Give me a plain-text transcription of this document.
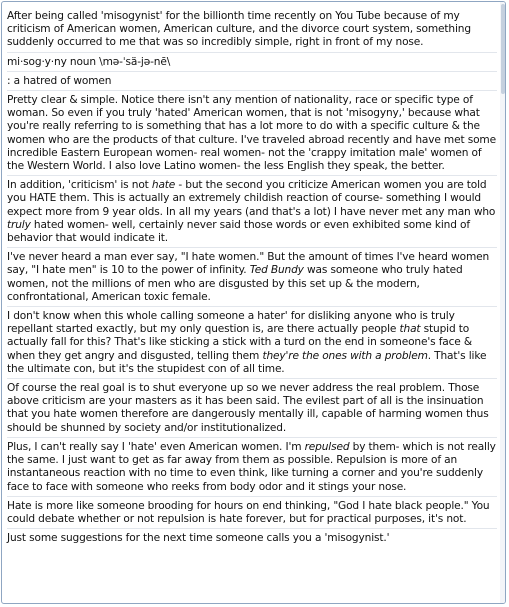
After being called 'misogynist' for the billionth time recently on You Tube because of my criticism of American women, American culture, and the divorce court system, something suddenly occurred to me that was so incredibly simple, right in front of my nose.
mi·sog·y·ny noun \mə-ˈsä-jə-nē\
: a hatred of women
Pretty clear & simple. Notice there isn't any mention of nationality, race or specific type of woman. So even if you truly 'hated' American women, that is not 'misogyny,' because what you're really referring to is something that has a lot more to do with a specific culture & the women who are the products of that culture. I've traveled abroad recently and have met some incredible Eastern European women- real women- not the 'crappy imitation male' women of the Western World. I also love Latino women- the less English they speak, the better.
In addition, 'criticism' is not hate - but the second you criticize American women you are told you HATE them. This is actually an extremely childish reaction of course- something I would expect more from 9 year olds. In all my years (and that's a lot) I have never met any man who truly hated women- well, certainly never said those words or even exhibited some kind of behavior that would indicate it.
I've never heard a man ever say, "I hate women." But the amount of times I've heard women say, "I hate men" is 10 to the power of infinity. Ted Bundy was someone who truly hated women, not the millions of men who are disgusted by this set up & the modern, confrontational, American toxic female.
I don't know when this whole calling someone a hater' for disliking anyone who is truly repellant started exactly, but my only question is, are there actually people that stupid to actually fall for this? That's like sticking a stick with a turd on the end in someone's face & when they get angry and disgusted, telling them they're the ones with a problem. That's like the ultimate con, but it's the stupidest con of all time.
Of course the real goal is to shut everyone up so we never address the real problem. Those above criticism are your masters as it has been said. The evilest part of all is the insinuation that you hate women therefore are dangerously mentally ill, capable of harming women thus should be shunned by society and/or institutionalized.
Plus, I can't really say I 'hate' even American women. I'm repulsed by them- which is not really the same. I just want to get as far away from them as possible. Repulsion is more of an instantaneous reaction with no time to even think, like turning a corner and you're suddenly face to face with someone who reeks from body odor and it stings your nose.
Hate is more like someone brooding for hours on end thinking, "God I hate black people." You could debate whether or not repulsion is hate forever, but for practical purposes, it's not.
Just some suggestions for the next time someone calls you a 'misogynist.'
